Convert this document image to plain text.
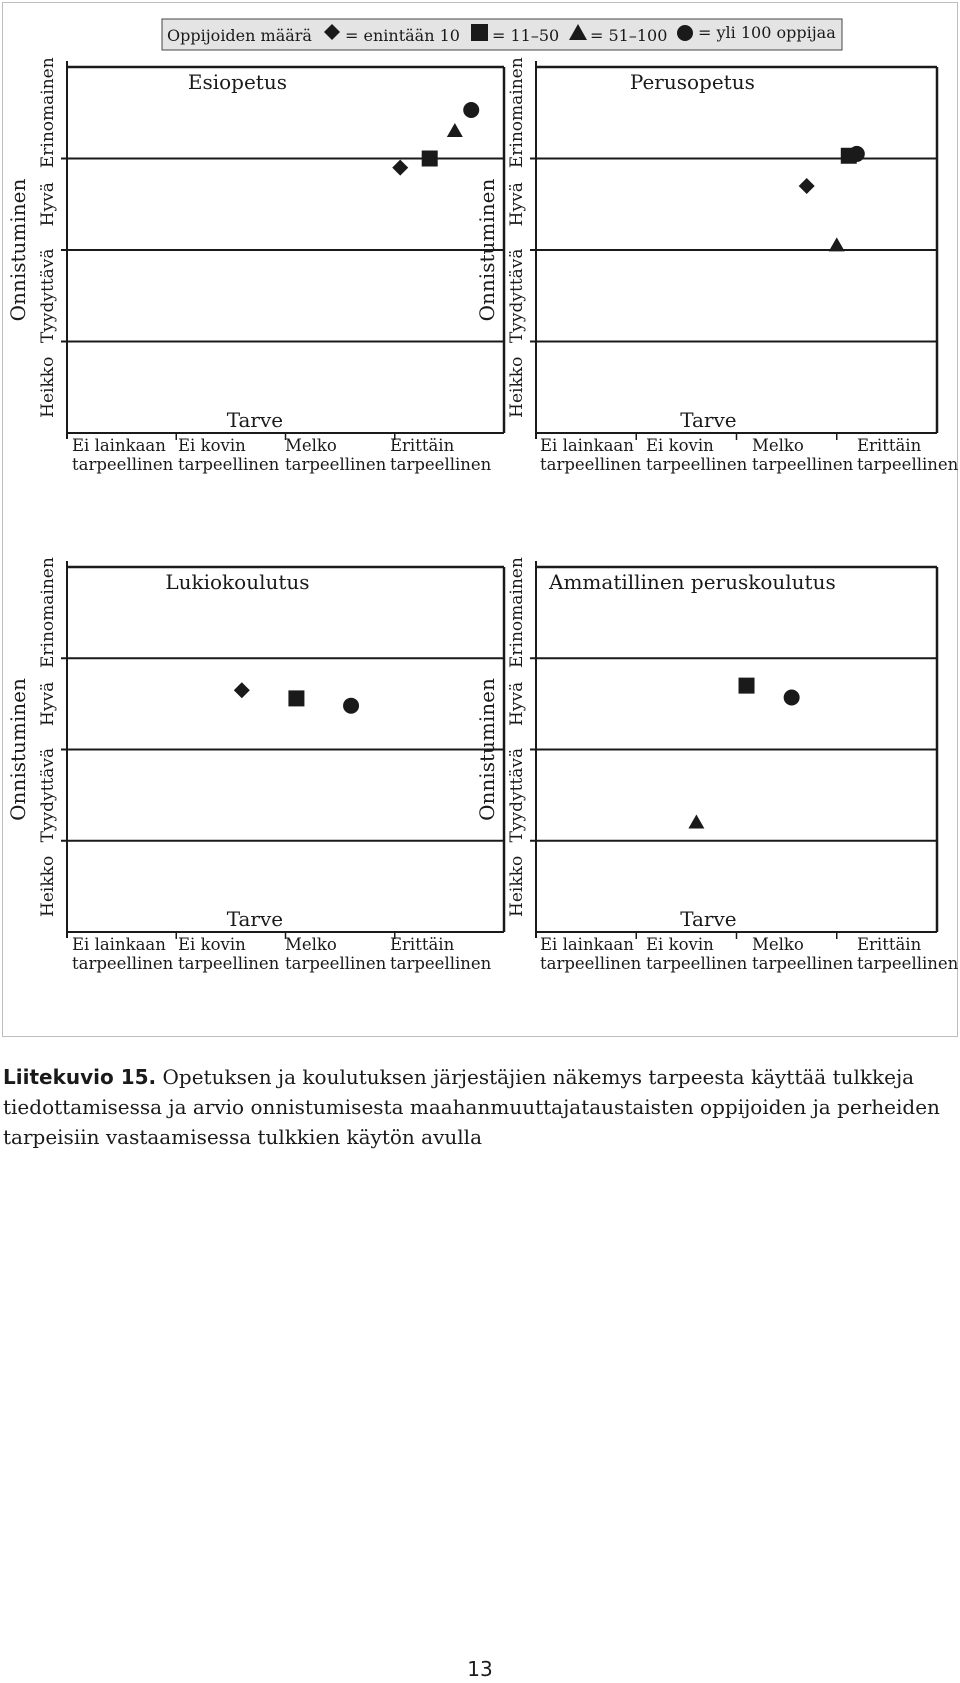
Oppijoiden määrä = enintään 10 = 11–50 = 51–100 = yli 100 oppijaa
Esiopetus
Tarve
Ei lainkaan tarpeellinen
Ei kovin tarpeellinen
Melko tarpeellinen
Erittäin tarpeellinen
Heikko
Tyydyttävä
Hyvä
Erinomainen
Onnistuminen
Perusopetus
Tarve
Ei lainkaan tarpeellinen
Ei kovin tarpeellinen
Melko tarpeellinen
Erittäin tarpeellinen
Heikko
Tyydyttävä
Hyvä
Erinomainen
Onnistuminen
Lukiokoulutus
Tarve
Ei lainkaan tarpeellinen
Ei kovin tarpeellinen
Melko tarpeellinen
Erittäin tarpeellinen
Heikko
Tyydyttävä
Hyvä
Erinomainen
Onnistuminen
Ammatillinen peruskoulutus
Tarve
Ei lainkaan tarpeellinen
Ei kovin tarpeellinen
Melko tarpeellinen
Erittäin tarpeellinen
Heikko
Tyydyttävä
Hyvä
Erinomainen
Onnistuminen
Liitekuvio 15. Opetuksen ja koulutuksen järjestäjien näkemys tarpeesta käyttää tulkkeja tiedottamisessa ja arvio onnistumisesta maahanmuuttajataustaisten oppijoiden ja perheiden tarpeisiin vastaamisessa tulkkien käytön avulla
13
